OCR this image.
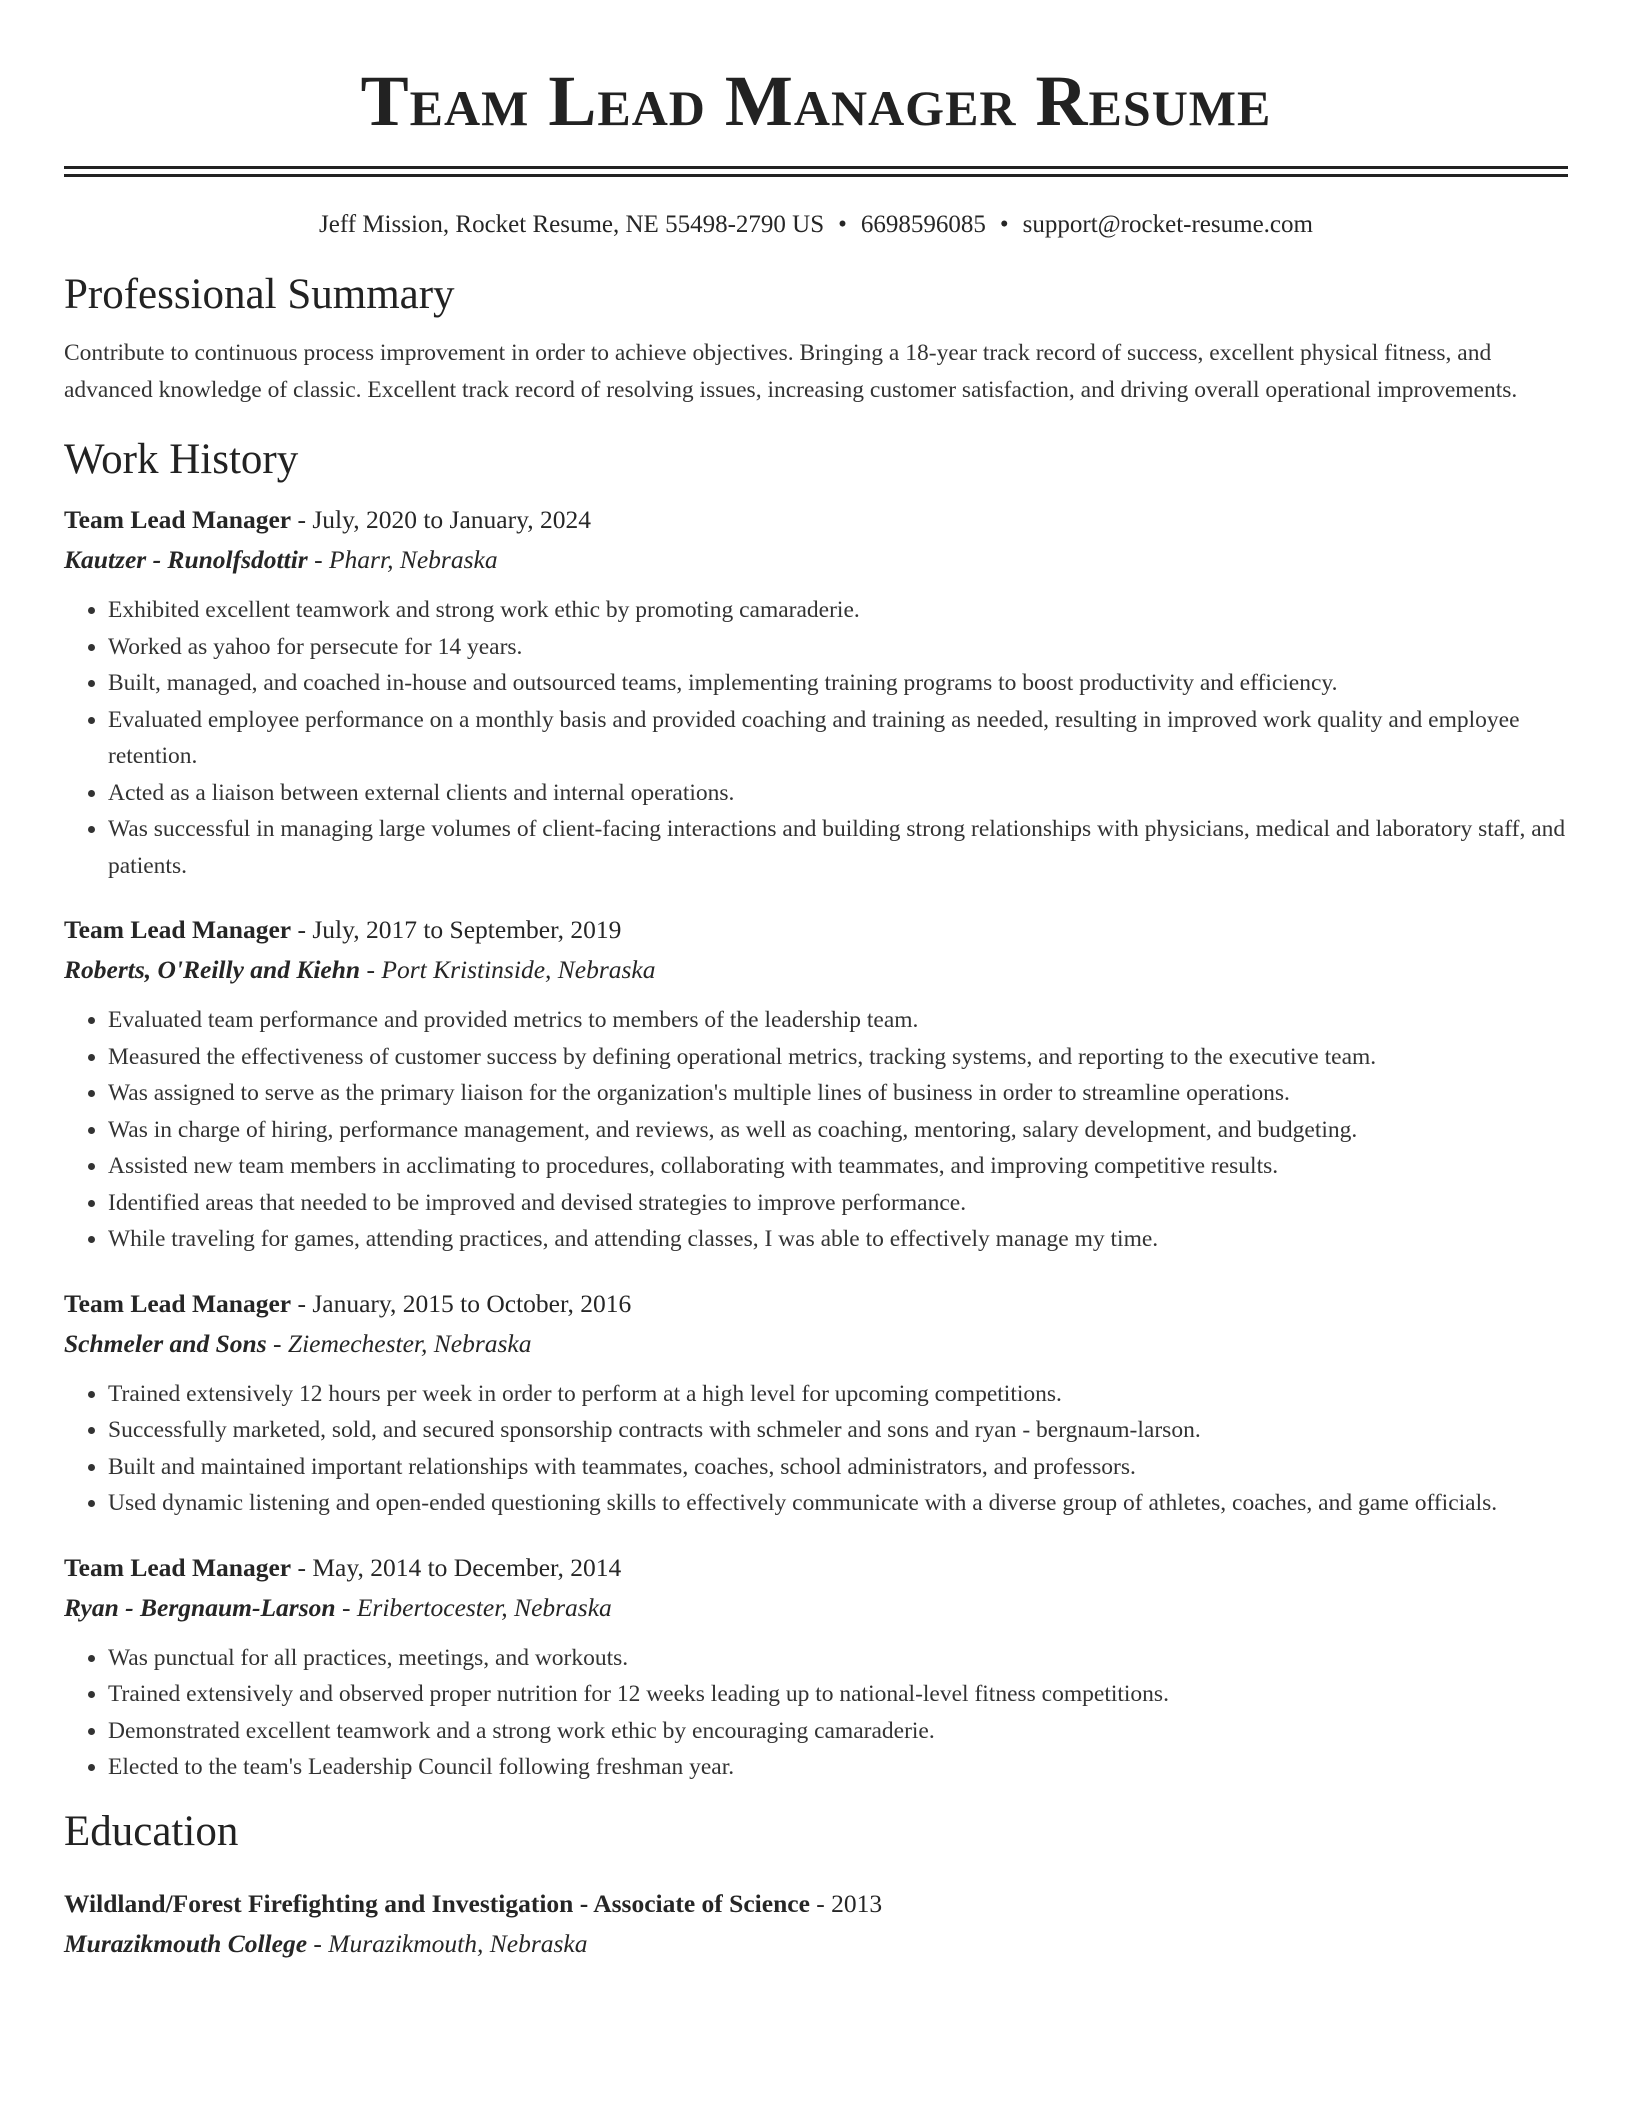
Team Lead Manager Resume
Jeff Mission, Rocket Resume, NE 55498-2790 US • 6698596085 • support@rocket-resume.com
Professional Summary

Contribute to continuous process improvement in order to achieve objectives. Bringing a 18-year track record of success, excellent physical fitness, and advanced knowledge of classic. Excellent track record of resolving issues, increasing customer satisfaction, and driving overall operational improvements.

Work History
Team Lead Manager - July, 2020 to January, 2024
Kautzer - Runolfsdottir - Pharr, Nebraska
• Exhibited excellent teamwork and strong work ethic by promoting camaraderie.
• Worked as yahoo for persecute for 14 years.
• Built, managed, and coached in-house and outsourced teams, implementing training programs to boost productivity and efficiency.
• Evaluated employee performance on a monthly basis and provided coaching and training as needed, resulting in improved work quality and employee retention.
• Acted as a liaison between external clients and internal operations.
• Was successful in managing large volumes of client-facing interactions and building strong relationships with physicians, medical and laboratory staff, and patients.
Team Lead Manager - July, 2017 to September, 2019
Roberts, O'Reilly and Kiehn - Port Kristinside, Nebraska
• Evaluated team performance and provided metrics to members of the leadership team.
• Measured the effectiveness of customer success by defining operational metrics, tracking systems, and reporting to the executive team.
• Was assigned to serve as the primary liaison for the organization's multiple lines of business in order to streamline operations.
• Was in charge of hiring, performance management, and reviews, as well as coaching, mentoring, salary development, and budgeting.
• Assisted new team members in acclimating to procedures, collaborating with teammates, and improving competitive results.
• Identified areas that needed to be improved and devised strategies to improve performance.
• While traveling for games, attending practices, and attending classes, I was able to effectively manage my time.
Team Lead Manager - January, 2015 to October, 2016
Schmeler and Sons - Ziemechester, Nebraska
• Trained extensively 12 hours per week in order to perform at a high level for upcoming competitions.
• Successfully marketed, sold, and secured sponsorship contracts with schmeler and sons and ryan - bergnaum-larson.
• Built and maintained important relationships with teammates, coaches, school administrators, and professors.
• Used dynamic listening and open-ended questioning skills to effectively communicate with a diverse group of athletes, coaches, and game officials.
Team Lead Manager - May, 2014 to December, 2014
Ryan - Bergnaum-Larson - Eribertocester, Nebraska
• Was punctual for all practices, meetings, and workouts.
• Trained extensively and observed proper nutrition for 12 weeks leading up to national-level fitness competitions.
• Demonstrated excellent teamwork and a strong work ethic by encouraging camaraderie.
• Elected to the team's Leadership Council following freshman year.
Education
Wildland/Forest Firefighting and Investigation - Associate of Science - 2013
Murazikmouth College - Murazikmouth, Nebraska
